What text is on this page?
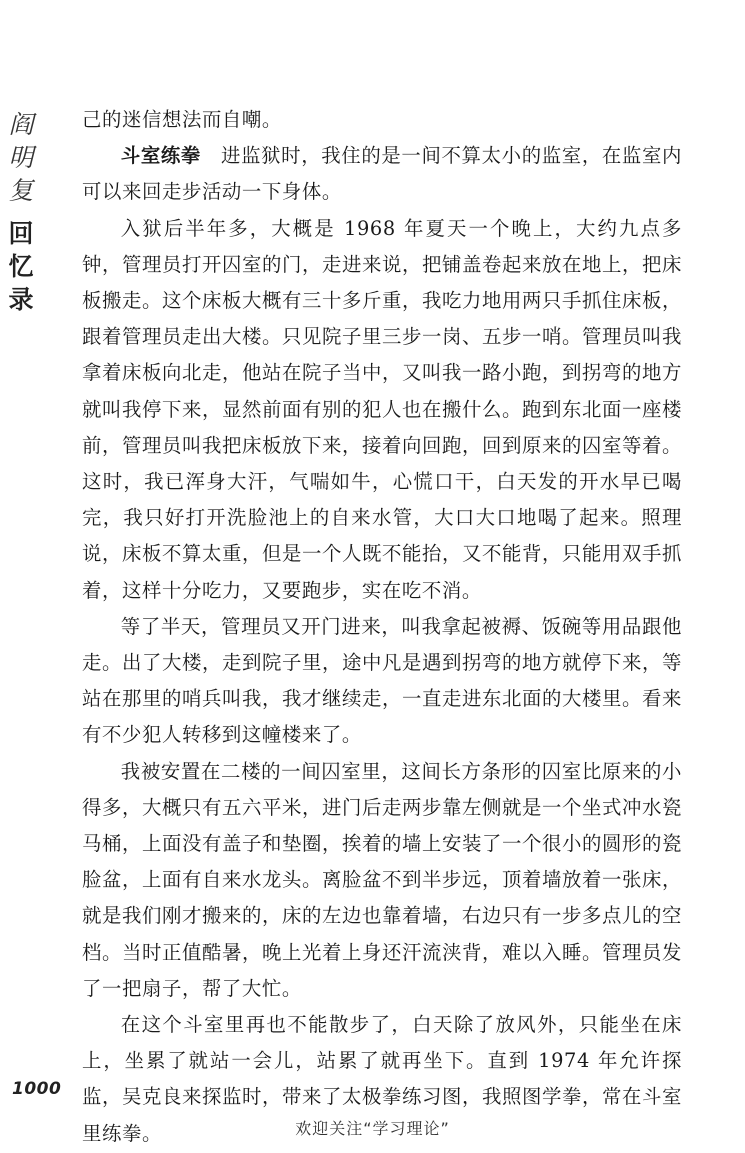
阎
明
复
回
忆
录

己的迷信想法而自嘲。

斗室练拳　进监狱时，我住的是一间不算太小的监室，在监室内可以来回走步活动一下身体。

入狱后半年多，大概是 1968 年夏天一个晚上，大约九点多钟，管理员打开囚室的门，走进来说，把铺盖卷起来放在地上，把床板搬走。这个床板大概有三十多斤重，我吃力地用两只手抓住床板，跟着管理员走出大楼。只见院子里三步一岗、五步一哨。管理员叫我拿着床板向北走，他站在院子当中，又叫我一路小跑，到拐弯的地方就叫我停下来，显然前面有别的犯人也在搬什么。跑到东北面一座楼前，管理员叫我把床板放下来，接着向回跑，回到原来的囚室等着。这时，我已浑身大汗，气喘如牛，心慌口干，白天发的开水早已喝完，我只好打开洗脸池上的自来水管，大口大口地喝了起来。照理说，床板不算太重，但是一个人既不能抬，又不能背，只能用双手抓着，这样十分吃力，又要跑步，实在吃不消。

等了半天，管理员又开门进来，叫我拿起被褥、饭碗等用品跟他走。出了大楼，走到院子里，途中凡是遇到拐弯的地方就停下来，等站在那里的哨兵叫我，我才继续走，一直走进东北面的大楼里。看来有不少犯人转移到这幢楼来了。

我被安置在二楼的一间囚室里，这间长方条形的囚室比原来的小得多，大概只有五六平米，进门后走两步靠左侧就是一个坐式冲水瓷马桶，上面没有盖子和垫圈，挨着的墙上安装了一个很小的圆形的瓷脸盆，上面有自来水龙头。离脸盆不到半步远，顶着墙放着一张床，就是我们刚才搬来的，床的左边也靠着墙，右边只有一步多点儿的空档。当时正值酷暑，晚上光着上身还汗流浃背，难以入睡。管理员发了一把扇子，帮了大忙。

在这个斗室里再也不能散步了，白天除了放风外，只能坐在床上，坐累了就站一会儿，站累了就再坐下。直到 1974 年允许探监，吴克良来探监时，带来了太极拳练习图，我照图学拳，常在斗室里练拳。

1000
欢迎关注“学习理论”
